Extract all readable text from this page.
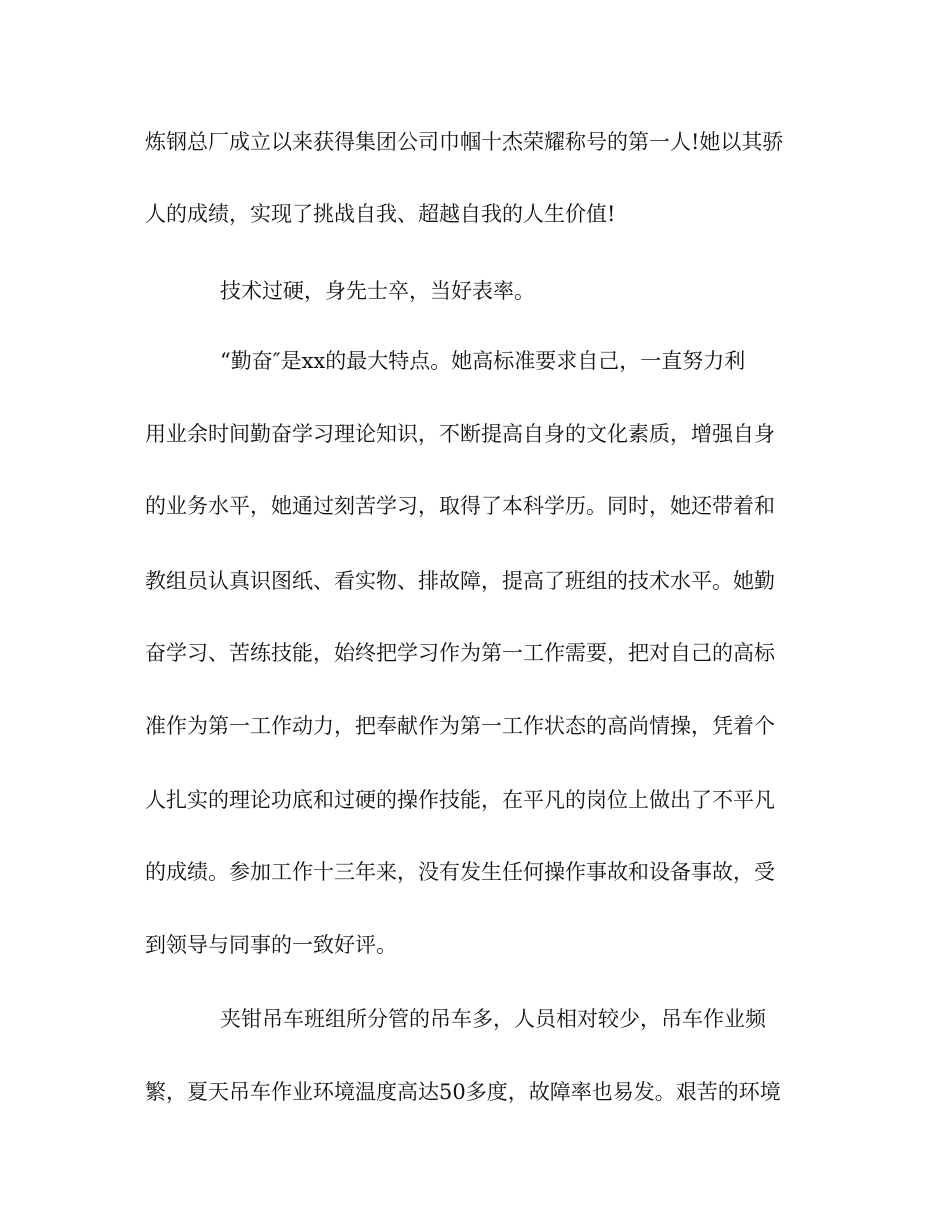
炼钢总厂成立以来获得集团公司巾帼十杰荣耀称号的第一人!她以其骄
人的成绩，实现了挑战自我、超越自我的人生价值!
技术过硬，身先士卒，当好表率。
“勤奋″是xx的最大特点。她高标准要求自己，一直努力利
用业余时间勤奋学习理论知识，不断提高自身的文化素质，增强自身
的业务水平，她通过刻苦学习，取得了本科学历。同时，她还带着和
教组员认真识图纸、看实物、排故障，提高了班组的技术水平。她勤
奋学习、苦练技能，始终把学习作为第一工作需要，把对自己的高标
准作为第一工作动力，把奉献作为第一工作状态的高尚情操，凭着个
人扎实的理论功底和过硬的操作技能，在平凡的岗位上做出了不平凡
的成绩。参加工作十三年来，没有发生任何操作事故和设备事故，受
到领导与同事的一致好评。
夹钳吊车班组所分管的吊车多，人员相对较少，吊车作业频
繁，夏天吊车作业环境温度高达50多度，故障率也易发。艰苦的环境
